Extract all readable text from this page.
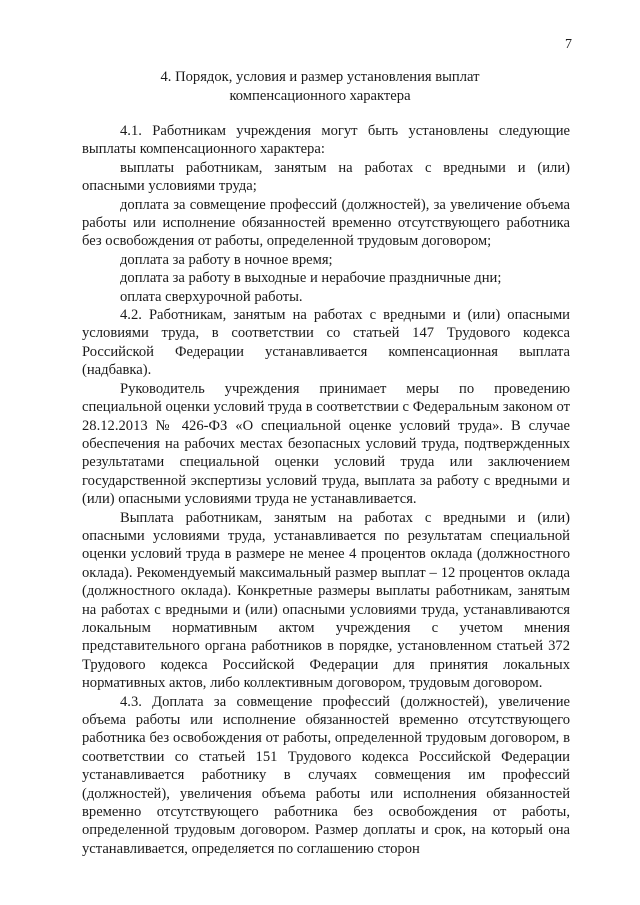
7
4. Порядок, условия и размер установления выплат
компенсационного характера

4.1. Работникам учреждения могут быть установлены следующие выплаты компенсационного характера:

выплаты работникам, занятым на работах с вредными и (или) опасными условиями труда;

доплата за совмещение профессий (должностей), за увеличение объема работы или исполнение обязанностей временно отсутствующего работника без освобождения от работы, определенной трудовым договором;

доплата за работу в ночное время;

доплата за работу в выходные и нерабочие праздничные дни;

оплата сверхурочной работы.

4.2. Работникам, занятым на работах с вредными и (или) опасными условиями труда, в соответствии со статьей 147 Трудового кодекса Российской Федерации устанавливается компенсационная выплата (надбавка).

Руководитель учреждения принимает меры по проведению специальной оценки условий труда в соответствии с Федеральным законом от 28.12.2013 № 426-ФЗ «О специальной оценке условий труда». В случае обеспечения на рабочих местах безопасных условий труда, подтвержденных результатами специальной оценки условий труда или заключением государственной экспертизы условий труда, выплата за работу с вредными и (или) опасными условиями труда не устанавливается.

Выплата работникам, занятым на работах с вредными и (или) опасными условиями труда, устанавливается по результатам специальной оценки условий труда в размере не менее 4 процентов оклада (должностного оклада). Рекомендуемый максимальный размер выплат – 12 процентов оклада (должностного оклада). Конкретные размеры выплаты работникам, занятым на работах с вредными и (или) опасными условиями труда, устанавливаются локальным нормативным актом учреждения с учетом мнения представительного органа работников в порядке, установленном статьей 372 Трудового кодекса Российской Федерации для принятия локальных нормативных актов, либо коллективным договором, трудовым договором.

4.3. Доплата за совмещение профессий (должностей), увеличение объема работы или исполнение обязанностей временно отсутствующего работника без освобождения от работы, определенной трудовым договором, в соответствии со статьей 151 Трудового кодекса Российской Федерации устанавливается работнику в случаях совмещения им профессий (должностей), увеличения объема работы или исполнения обязанностей временно отсутствующего работника без освобождения от работы, определенной трудовым договором. Размер доплаты и срок, на который она устанавливается, определяется по соглашению сторон
